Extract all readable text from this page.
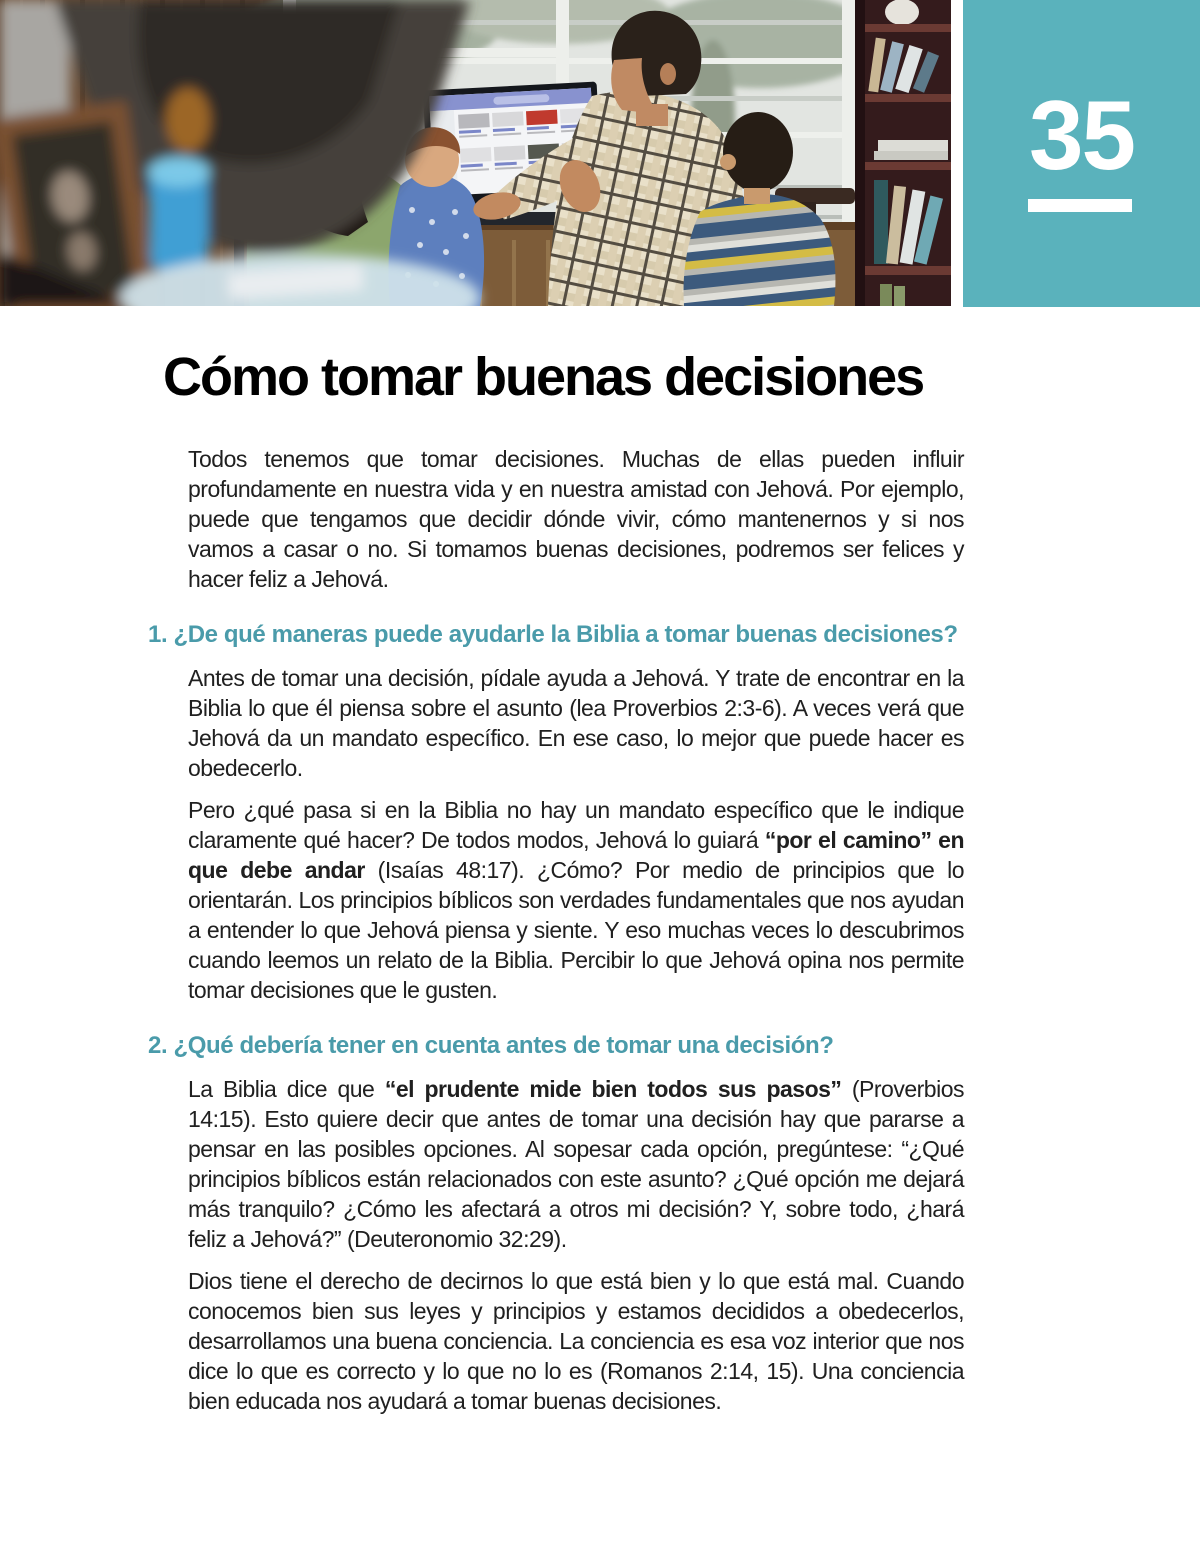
35
Cómo tomar buenas decisiones

Todos tenemos que tomar decisiones. Muchas de ellas pueden influir profundamente en nuestra vida y en nuestra amistad con Jehová. Por ejemplo, puede que tengamos que decidir dónde vivir, cómo mantenernos y si nos vamos a casar o no. Si tomamos buenas decisiones, podremos ser felices y hacer feliz a Jehová.

1. ¿De qué maneras puede ayudarle la Biblia a tomar buenas decisiones?

Antes de tomar una decisión, pídale ayuda a Jehová. Y trate de encontrar en la Biblia lo que él piensa sobre el asunto (lea Proverbios 2:3-6). A veces verá que Jehová da un mandato específico. En ese caso, lo mejor que puede hacer es obedecerlo.

Pero ¿qué pasa si en la Biblia no hay un mandato específico que le indique claramente qué hacer? De todos modos, Jehová lo guiará “por el camino” en que debe andar (Isaías 48:17). ¿Cómo? Por medio de principios que lo orientarán. Los principios bíblicos son verdades fundamentales que nos ayudan a entender lo que Jehová piensa y siente. Y eso muchas veces lo descubrimos cuando leemos un relato de la Biblia. Percibir lo que Jehová opina nos permite tomar decisiones que le gusten.

2. ¿Qué debería tener en cuenta antes de tomar una decisión?

La Biblia dice que “el prudente mide bien todos sus pasos” (Proverbios 14:15). Esto quiere decir que antes de tomar una decisión hay que pararse a pensar en las posibles opciones. Al sopesar cada opción, pregúntese: “¿Qué principios bíblicos están relacionados con este asunto? ¿Qué opción me dejará más tranquilo? ¿Cómo les afectará a otros mi decisión? Y, sobre todo, ¿hará feliz a Jehová?” (Deuteronomio 32:29).

Dios tiene el derecho de decirnos lo que está bien y lo que está mal. Cuando conocemos bien sus leyes y principios y estamos decididos a obedecerlos, desarrollamos una buena conciencia. La conciencia es esa voz interior que nos dice lo que es correcto y lo que no lo es (Romanos 2:14, 15). Una conciencia bien educada nos ayudará a tomar buenas decisiones.
